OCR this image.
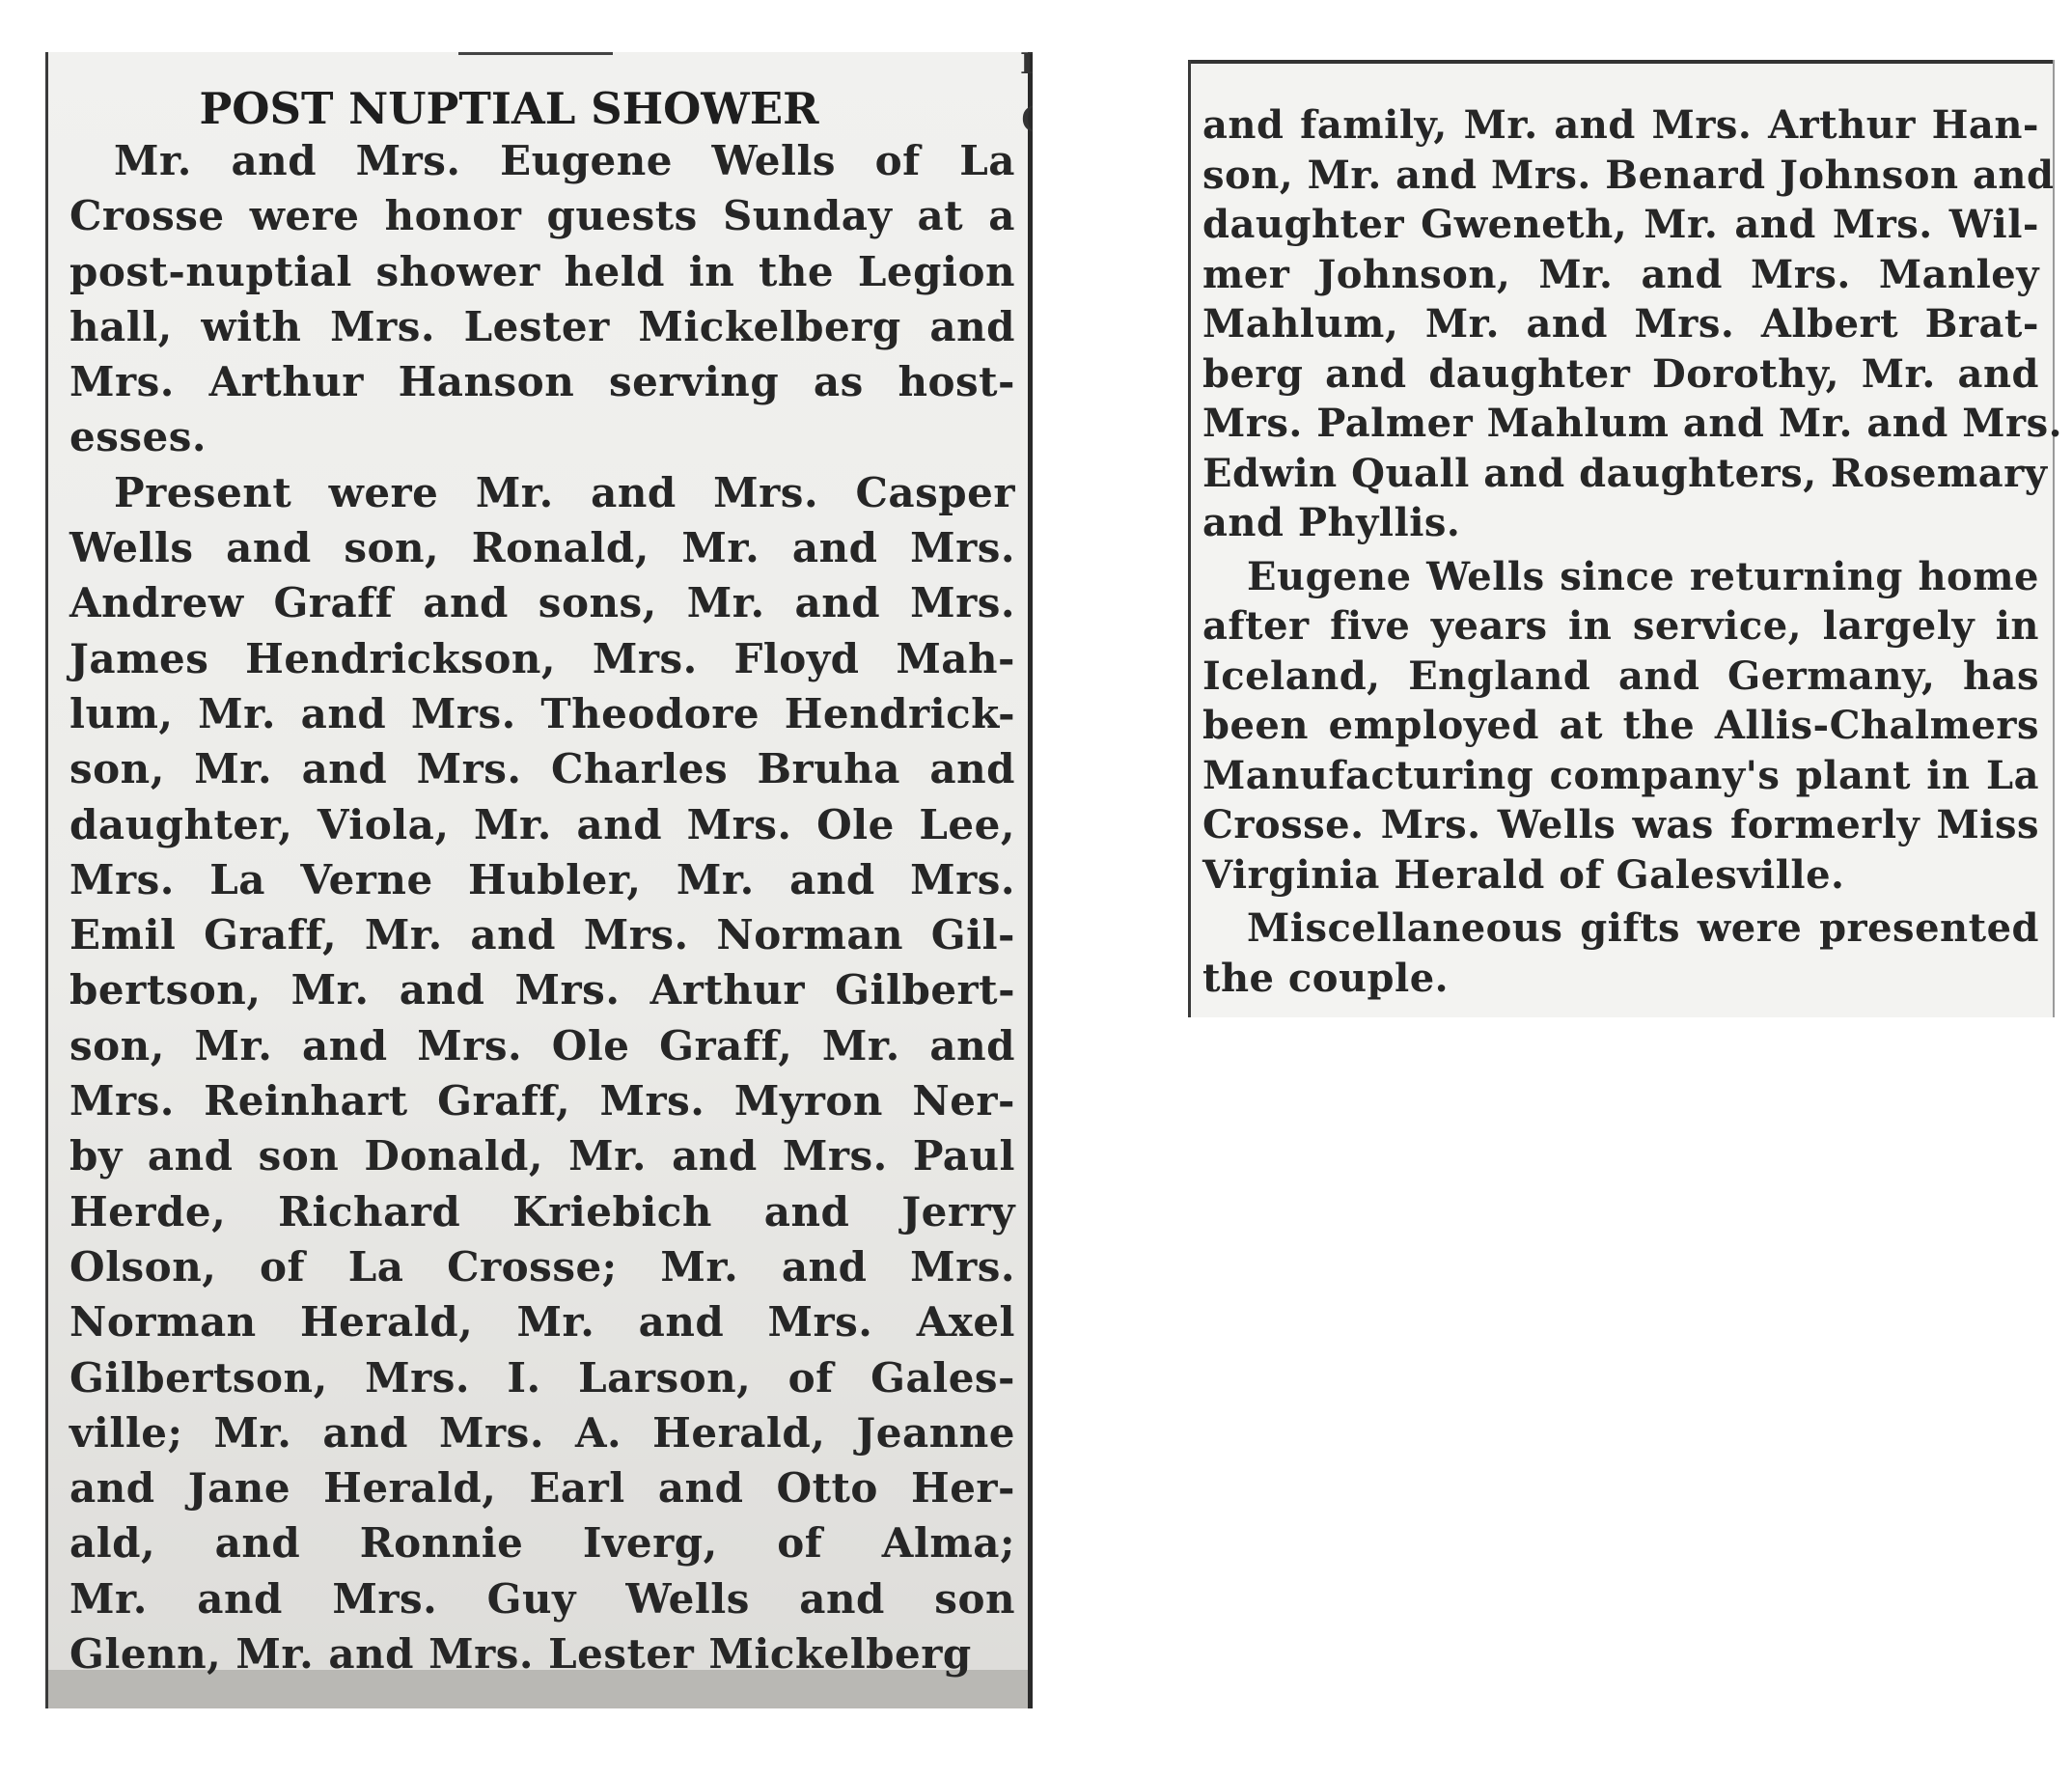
POST NUPTIAL SHOWER

Mr. and Mrs. Eugene Wells of La
Crosse were honor guests Sunday at a
post-nuptial shower held in the Legion
hall, with Mrs. Lester Mickelberg and
Mrs. Arthur Hanson serving as host-
esses.

Present were Mr. and Mrs. Casper
Wells and son, Ronald, Mr. and Mrs.
Andrew Graff and sons, Mr. and Mrs.
James Hendrickson, Mrs. Floyd Mah-
lum, Mr. and Mrs. Theodore Hendrick-
son, Mr. and Mrs. Charles Bruha and
daughter, Viola, Mr. and Mrs. Ole Lee,
Mrs. La Verne Hubler, Mr. and Mrs.
Emil Graff, Mr. and Mrs. Norman Gil-
bertson, Mr. and Mrs. Arthur Gilbert-
son, Mr. and Mrs. Ole Graff, Mr. and
Mrs. Reinhart Graff, Mrs. Myron Ner-
by and son Donald, Mr. and Mrs. Paul
Herde, Richard Kriebich and Jerry
Olson, of La Crosse; Mr. and Mrs.
Norman Herald, Mr. and Mrs. Axel
Gilbertson, Mrs. I. Larson, of Gales-
ville; Mr. and Mrs. A. Herald, Jeanne
and Jane Herald, Earl and Otto Her-
ald, and Ronnie Iverg, of Alma;
Mr. and Mrs. Guy Wells and son
Glenn, Mr. and Mrs. Lester Mickelberg

I
(	and family, Mr. and Mrs. Arthur Han-
son, Mr. and Mrs. Benard Johnson and
daughter Gweneth, Mr. and Mrs. Wil-
mer Johnson, Mr. and Mrs. Manley
Mahlum, Mr. and Mrs. Albert Brat-
berg and daughter Dorothy, Mr. and
Mrs. Palmer Mahlum and Mr. and Mrs.
Edwin Quall and daughters, Rosemary
and Phyllis.

Eugene Wells since returning home
after five years in service, largely in
Iceland, England and Germany, has
been employed at the Allis-Chalmers
Manufacturing company's plant in La
Crosse. Mrs. Wells was formerly Miss
Virginia Herald of Galesville.

Miscellaneous gifts were presented
the couple.
